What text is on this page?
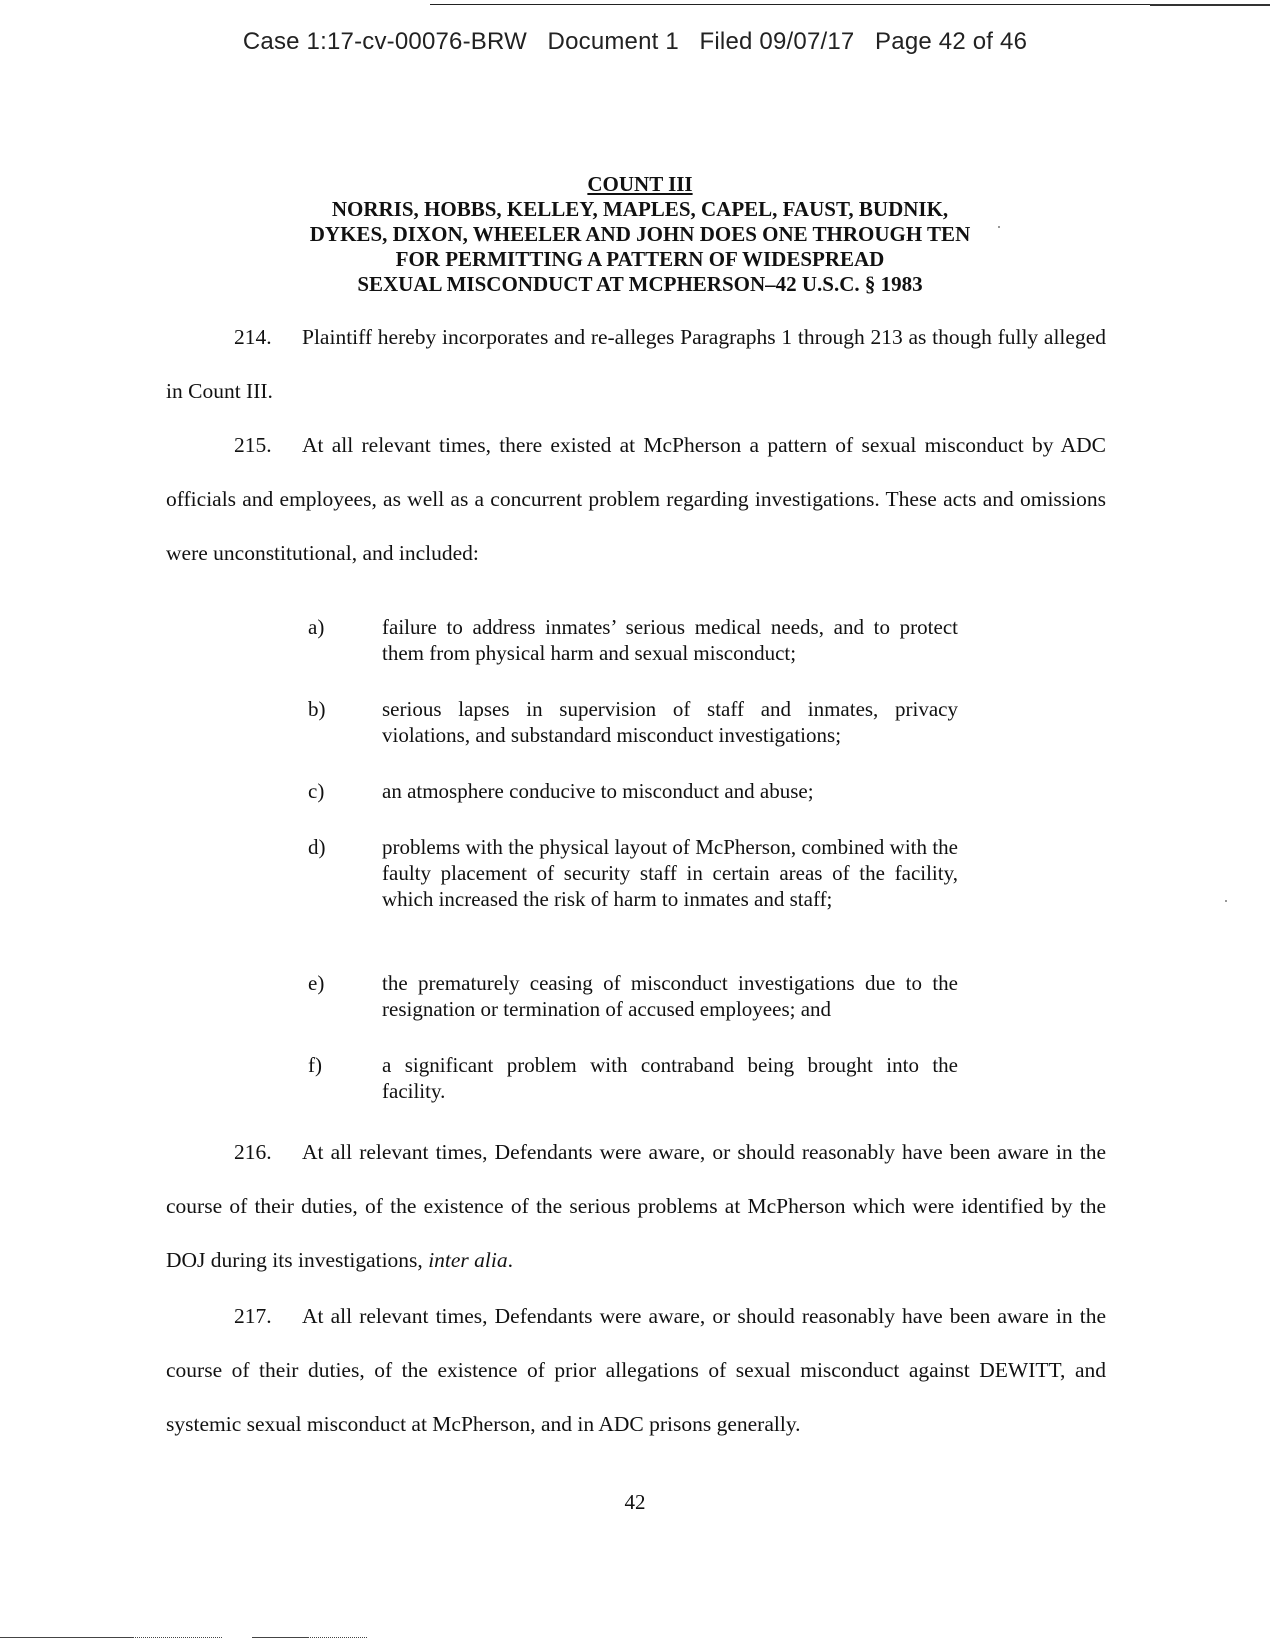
Case 1:17-cv-00076-BRW   Document 1   Filed 09/07/17   Page 42 of 46
COUNT III
NORRIS, HOBBS, KELLEY, MAPLES, CAPEL, FAUST, BUDNIK,
DYKES, DIXON, WHEELER AND JOHN DOES ONE THROUGH TEN
FOR PERMITTING A PATTERN OF WIDESPREAD
SEXUAL MISCONDUCT AT MCPHERSON–42 U.S.C. § 1983
214. Plaintiff hereby incorporates and re-alleges Paragraphs 1 through 213 as though fully alleged in Count III.
215. At all relevant times, there existed at McPherson a pattern of sexual misconduct by ADC officials and employees, as well as a concurrent problem regarding investigations. These acts and omissions were unconstitutional, and included:
a)	failure to address inmates’ serious medical needs, and to protect them from physical harm and sexual misconduct;
b)	serious lapses in supervision of staff and inmates, privacy violations, and substandard misconduct investigations;
c)	an atmosphere conducive to misconduct and abuse;
d)	problems with the physical layout of McPherson, combined with the faulty placement of security staff in certain areas of the facility, which increased the risk of harm to inmates and staff;
e)	the prematurely ceasing of misconduct investigations due to the resignation or termination of accused employees; and
f)	a significant problem with contraband being brought into the facility.
216. At all relevant times, Defendants were aware, or should reasonably have been aware in the course of their duties, of the existence of the serious problems at McPherson which were identified by the DOJ during its investigations, inter alia.
217. At all relevant times, Defendants were aware, or should reasonably have been aware in the course of their duties, of the existence of prior allegations of sexual misconduct against DEWITT, and systemic sexual misconduct at McPherson, and in ADC prisons generally.
42
